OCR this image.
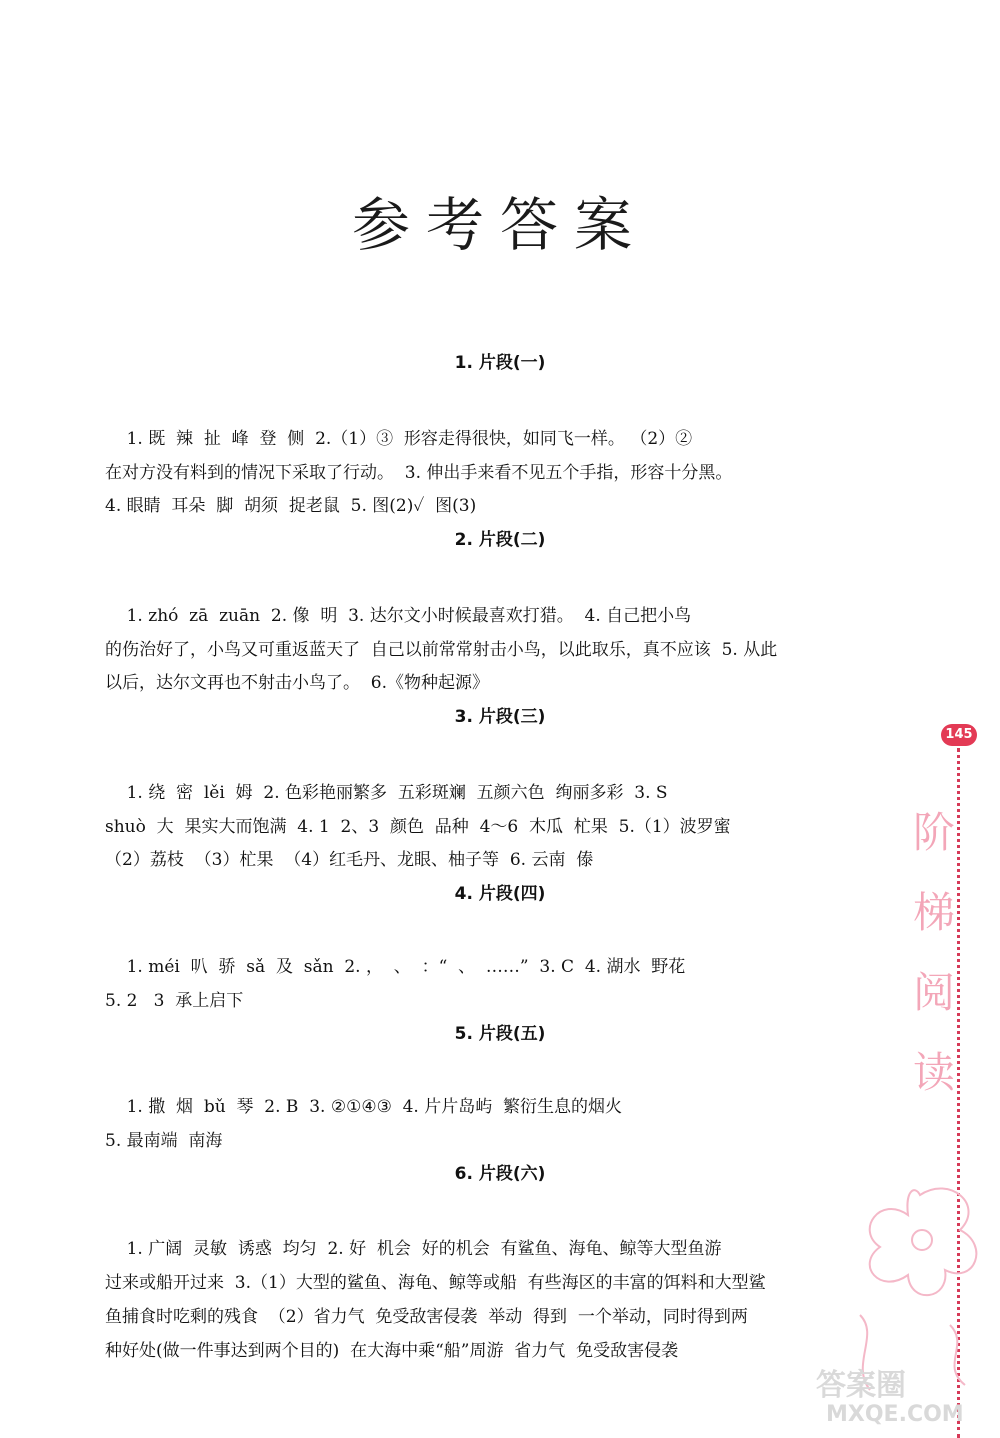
参考答案
1. 片段(一)
1. 既  辣  扯  峰  登  侧  2.（1）③  形容走得很快，如同飞一样。 （2）②
在对方没有料到的情况下采取了行动。  3. 伸出手来看不见五个手指，形容十分黑。
4. 眼睛  耳朵  脚  胡须  捉老鼠  5. 图(2)✓  图(3)
2. 片段(二)
1. zhó  zā  zuān  2. 像  明  3. 达尔文小时候最喜欢打猎。  4. 自己把小鸟
的伤治好了，小鸟又可重返蓝天了  自己以前常常射击小鸟，以此取乐，真不应该  5. 从此
以后，达尔文再也不射击小鸟了。  6.《物种起源》
3. 片段(三)
1. 绕  密  lěi  姆  2. 色彩艳丽繁多  五彩斑斓  五颜六色  绚丽多彩  3. S
shuò  大  果实大而饱满  4. 1  2、3  颜色  品种  4～6  木瓜  杧果  5.（1）波罗蜜
（2）荔枝  （3）杧果  （4）红毛丹、龙眼、柚子等  6. 云南  傣
4. 片段(四)
1. méi  叭  骄  sǎ  及  sǎn  2. ，  、  ：“  、  ……”  3. C  4. 湖水  野花
5. 2   3  承上启下
5. 片段(五)
1. 撒  烟  bǔ  琴  2. B  3. ②①④③  4. 片片岛屿  繁衍生息的烟火
5. 最南端  南海
6. 片段(六)
1. 广阔  灵敏  诱惑  均匀  2. 好  机会  好的机会  有鲨鱼、海龟、鲸等大型鱼游
过来或船开过来  3.（1）大型的鲨鱼、海龟、鲸等或船  有些海区的丰富的饵料和大型鲨
鱼捕食时吃剩的残食  （2）省力气  免受敌害侵袭  举动  得到  一个举动，同时得到两
种好处(做一件事达到两个目的)  在大海中乘“船”周游  省力气  免受敌害侵袭
145
阶
梯
阅
读
答案圈
MXQE.COM
